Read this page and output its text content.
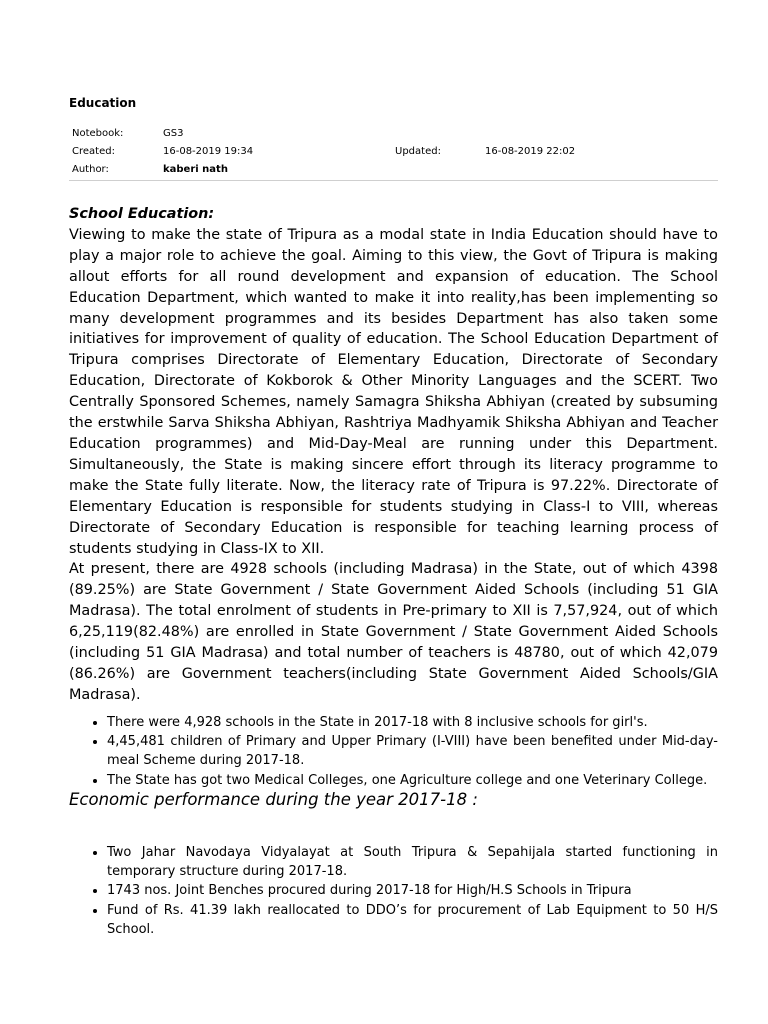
Education
Notebook:	GS3
Created:	16-08-2019 19:34	Updated:	16-08-2019 22:02
Author:	kaberi nath

School Education:

Viewing to make the state of Tripura as a modal state in India Education should have to play a major role to achieve the goal. Aiming to this view, the Govt of Tripura is making allout efforts for all round development and expansion of education. The School Education Department, which wanted to make it into reality,has been implementing so many development programmes and its besides Department has also taken some initiatives for improvement of quality of education. The School Education Department of Tripura comprises Directorate of Elementary Education, Directorate of Secondary Education, Directorate of Kokborok & Other Minority Languages and the SCERT. Two Centrally Sponsored Schemes, namely Samagra Shiksha Abhiyan (created by subsuming the erstwhile Sarva Shiksha Abhiyan, Rashtriya Madhyamik Shiksha Abhiyan and Teacher Education programmes) and Mid-Day-Meal are running under this Department. Simultaneously, the State is making sincere effort through its literacy programme to make the State fully literate. Now, the literacy rate of Tripura is 97.22%. Directorate of Elementary Education is responsible for students studying in Class-I to VIII, whereas Directorate of Secondary Education is responsible for teaching learning process of students studying in Class-IX to XII.

At present, there are 4928 schools (including Madrasa) in the State, out of which 4398 (89.25%) are State Government / State Government Aided Schools (including 51 GIA Madrasa). The total enrolment of students in Pre-primary to XII is 7,57,924, out of which 6,25,119(82.48%) are enrolled in State Government / State Government Aided Schools (including 51 GIA Madrasa) and total number of teachers is 48780, out of which 42,079 (86.26%) are Government teachers(including State Government Aided Schools/GIA Madrasa).

• There were 4,928 schools in the State in 2017-18 with 8 inclusive schools for girl's.
• 4,45,481 children of Primary and Upper Primary (I-VIII) have been benefited under Mid-day-meal Scheme during 2017-18.
• The State has got two Medical Colleges, one Agriculture college and one Veterinary College.

Economic performance during the year 2017-18 :

• Two Jahar Navodaya Vidyalayat at South Tripura & Sepahijala started functioning in temporary structure during 2017-18.
• 1743 nos. Joint Benches procured during 2017-18 for High/H.S Schools in Tripura
• Fund of Rs. 41.39 lakh reallocated to DDO’s for procurement of Lab Equipment to 50 H/S School.
